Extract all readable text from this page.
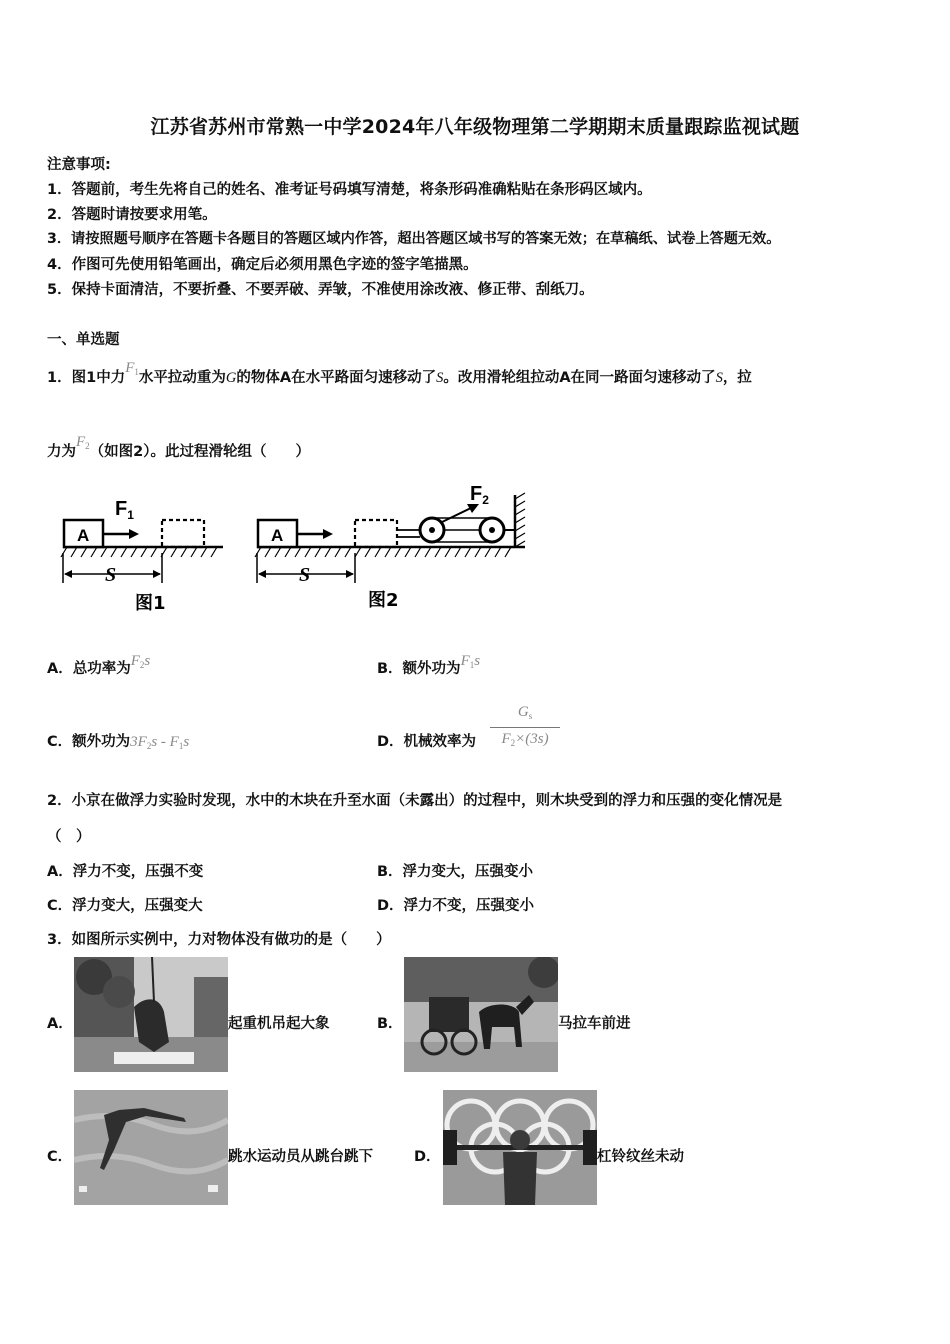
江苏省苏州市常熟一中学2024年八年级物理第二学期期末质量跟踪监视试题
注意事项:
1．答题前，考生先将自己的姓名、准考证号码填写清楚，将条形码准确粘贴在条形码区域内。
2．答题时请按要求用笔。
3．请按照题号顺序在答题卡各题目的答题区域内作答，超出答题区域书写的答案无效；在草稿纸、试卷上答题无效。
4．作图可先使用铅笔画出，确定后必须用黑色字迹的签字笔描黑。
5．保持卡面清洁，不要折叠、不要弄破、弄皱，不准使用涂改液、修正带、刮纸刀。
一、单选题
1．图1中力$F_1$水平拉动重为G的物体A在水平路面匀速移动了S。改用滑轮组拉动A在同一路面匀速移动了S，拉
力为$F_2$（如图2）。此过程滑轮组（　　）
A
$F_1$
S
图1
A
$F_2$
S
图2
A．总功率为$F_2s$	B．额外功为$F_1s$
C．额外功为$3F_2s - F_1s$	D．机械效率为
$G_s$
$F_2\times(3s)$
2．小京在做浮力实验时发现，水中的木块在升至水面（未露出）的过程中，则木块受到的浮力和压强的变化情况是
（　）
A．浮力不变，压强不变	B．浮力变大，压强变小
C．浮力变大，压强变大	D．浮力不变，压强变小
3．如图所示实例中，力对物体没有做功的是（　　）
A．	起重机吊起大象	B．	马拉车前进
C．	跳水运动员从跳台跳下	D．	杠铃纹丝未动
